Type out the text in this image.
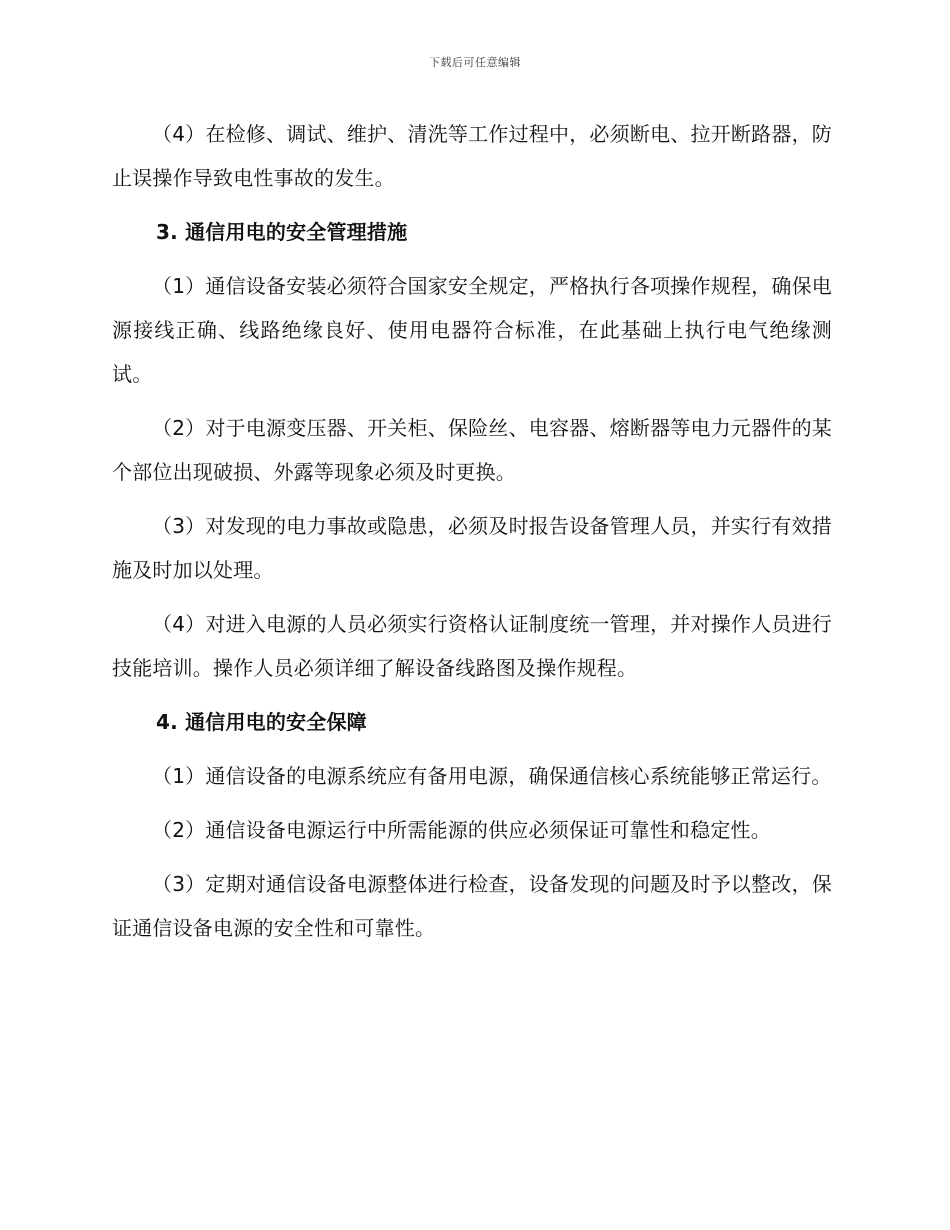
下载后可任意编辑

（4）在检修、调试、维护、清洗等工作过程中，必须断电、拉开断路器，防止误操作导致电性事故的发生。

3. 通信用电的安全管理措施

（1）通信设备安装必须符合国家安全规定，严格执行各项操作规程，确保电源接线正确、线路绝缘良好、使用电器符合标准，在此基础上执行电气绝缘测试。

（2）对于电源变压器、开关柜、保险丝、电容器、熔断器等电力元器件的某个部位出现破损、外露等现象必须及时更换。

（3）对发现的电力事故或隐患，必须及时报告设备管理人员，并实行有效措施及时加以处理。

（4）对进入电源的人员必须实行资格认证制度统一管理，并对操作人员进行技能培训。操作人员必须详细了解设备线路图及操作规程。

4. 通信用电的安全保障

（1）通信设备的电源系统应有备用电源，确保通信核心系统能够正常运行。

（2）通信设备电源运行中所需能源的供应必须保证可靠性和稳定性。

（3）定期对通信设备电源整体进行检查，设备发现的问题及时予以整改，保证通信设备电源的安全性和可靠性。
